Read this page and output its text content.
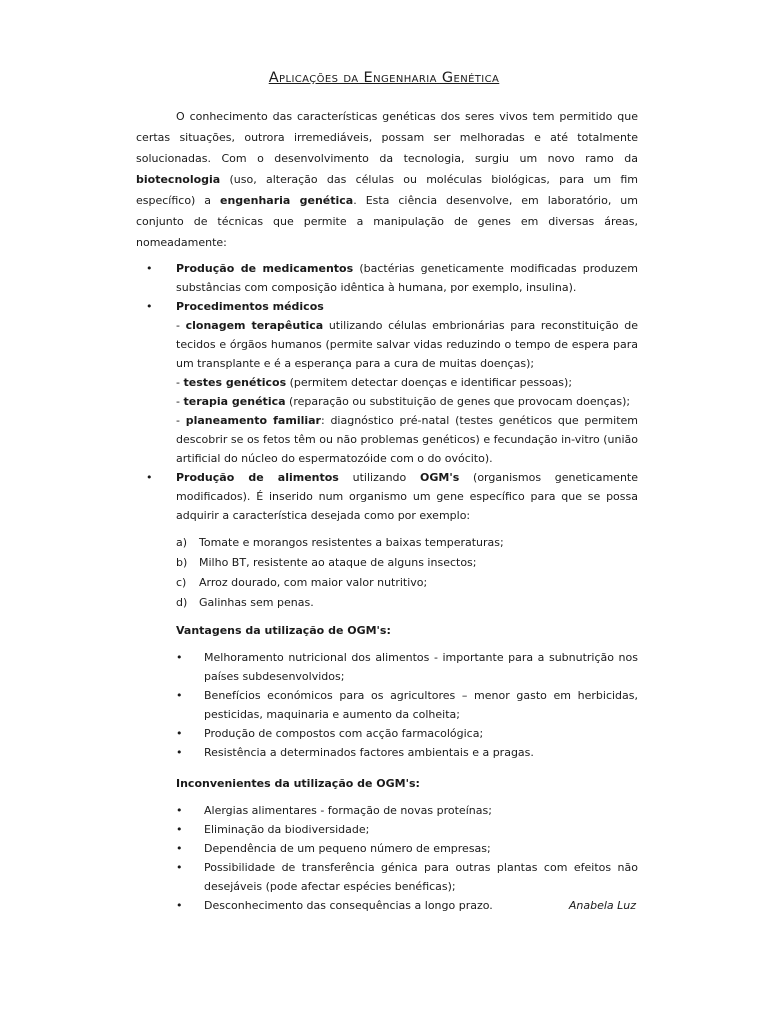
Aplicações da Engenharia Genética

O conhecimento das características genéticas dos seres vivos tem permitido que certas situações, outrora irremediáveis, possam ser melhoradas e até totalmente solucionadas. Com o desenvolvimento da tecnologia, surgiu um novo ramo da biotecnologia (uso, alteração das células ou moléculas biológicas, para um fim específico) a engenharia genética. Esta ciência desenvolve, em laboratório, um conjunto de técnicas que permite a manipulação de genes em diversas áreas, nomeadamente:

• Produção de medicamentos (bactérias geneticamente modificadas produzem substâncias com composição idêntica à humana, por exemplo, insulina).
• Procedimentos médicos

- clonagem terapêutica utilizando células embrionárias para reconstituição de tecidos e órgãos humanos (permite salvar vidas reduzindo o tempo de espera para um transplante e é a esperança para a cura de muitas doenças);

- testes genéticos (permitem detectar doenças e identificar pessoas);

- terapia genética (reparação ou substituição de genes que provocam doenças);

- planeamento familiar: diagnóstico pré-natal (testes genéticos que permitem descobrir se os fetos têm ou não problemas genéticos) e fecundação in-vitro (união artificial do núcleo do espermatozóide com o do ovócito).

• Produção de alimentos utilizando OGM's (organismos geneticamente modificados). É inserido num organismo um gene específico para que se possa adquirir a característica desejada como por exemplo:
a) Tomate e morangos resistentes a baixas temperaturas;
b) Milho BT, resistente ao ataque de alguns insectos;
c) Arroz dourado, com maior valor nutritivo;
d) Galinhas sem penas.
Vantagens da utilização de OGM's:
• Melhoramento nutricional dos alimentos - importante para a subnutrição nos países subdesenvolvidos;
• Benefícios económicos para os agricultores – menor gasto em herbicidas, pesticidas, maquinaria e aumento da colheita;
• Produção de compostos com acção farmacológica;
• Resistência a determinados factores ambientais e a pragas.
Inconvenientes da utilização de OGM's:
• Alergias alimentares - formação de novas proteínas;
• Eliminação da biodiversidade;
• Dependência de um pequeno número de empresas;
• Possibilidade de transferência génica para outras plantas com efeitos não desejáveis (pode afectar espécies benéficas);
• Desconhecimento das consequências a longo prazo.	Anabela Luz
